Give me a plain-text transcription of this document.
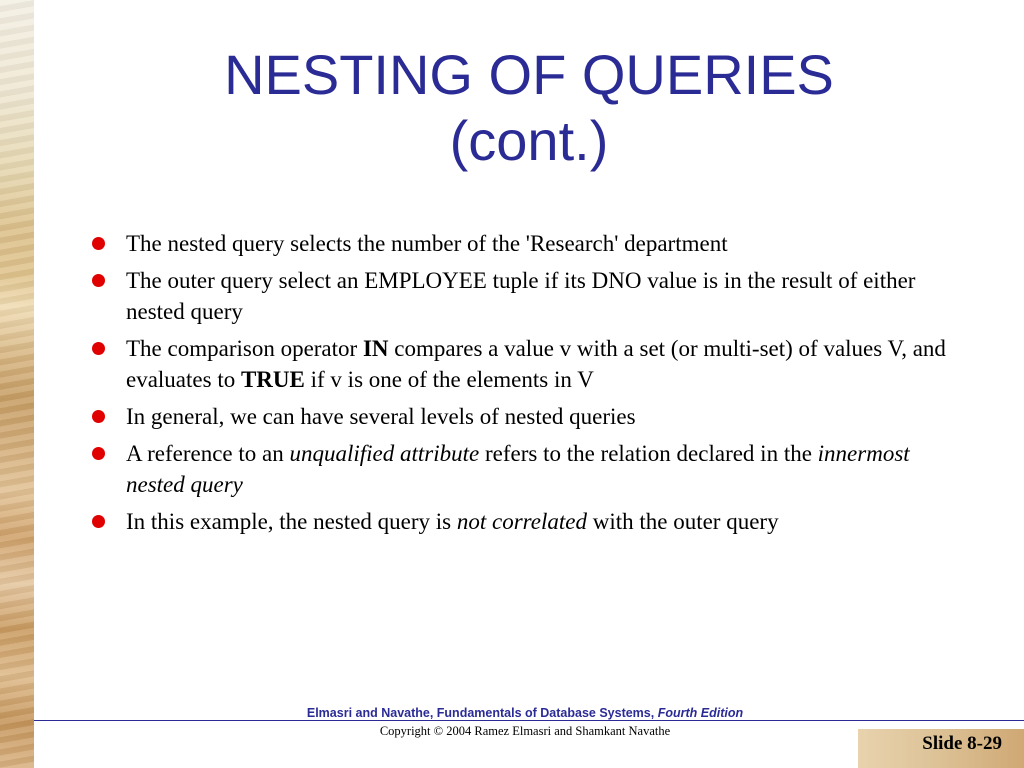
NESTING OF QUERIES
(cont.)
The nested query selects the number of the 'Research' department
The outer query select an EMPLOYEE tuple if its DNO value is in the result of either nested query
The comparison operator IN compares a value v with a set (or multi-set) of values V, and evaluates to TRUE if v is one of the elements in V
In general, we can have several levels of nested queries
A reference to an unqualified attribute refers to the relation declared in the innermost nested query
In this example, the nested query is not correlated with the outer query
Elmasri and Navathe, Fundamentals of Database Systems, Fourth Edition
Copyright © 2004 Ramez Elmasri and Shamkant Navathe
Slide 8-29
